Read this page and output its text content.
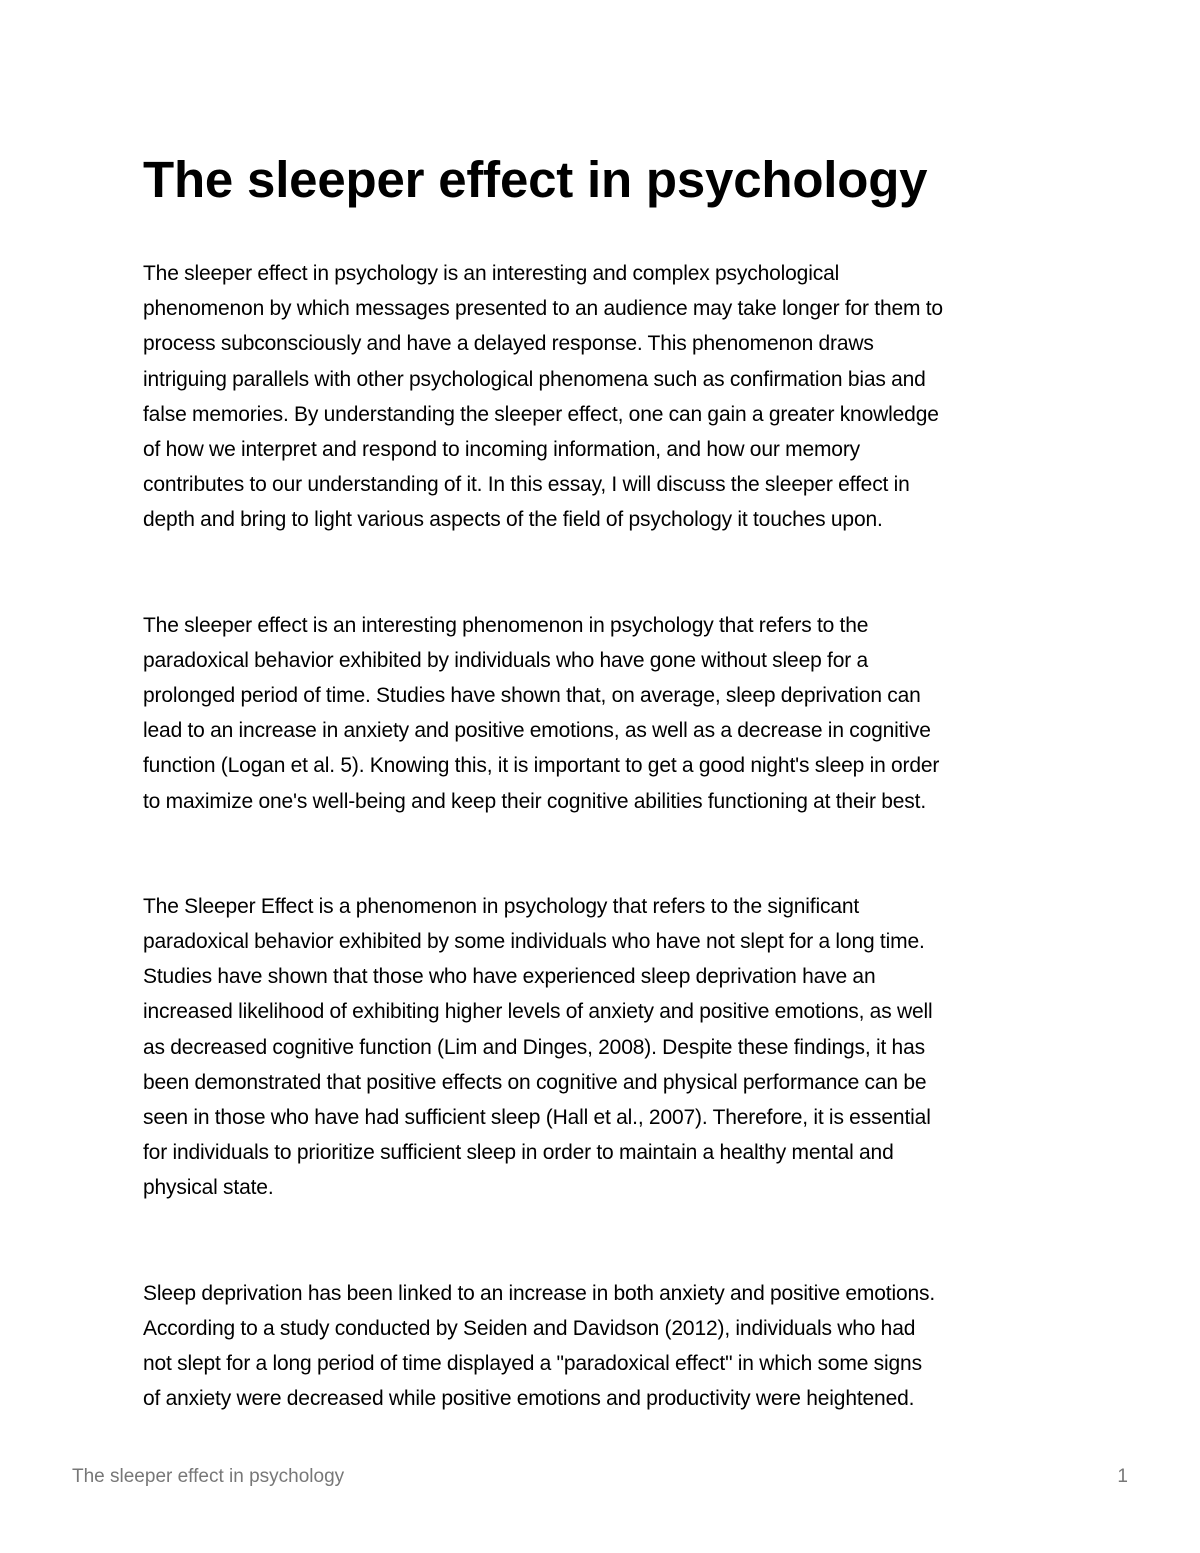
The sleeper effect in psychology

The sleeper effect in psychology is an interesting and complex psychological
phenomenon by which messages presented to an audience may take longer for them to
process subconsciously and have a delayed response. This phenomenon draws
intriguing parallels with other psychological phenomena such as confirmation bias and
false memories. By understanding the sleeper effect, one can gain a greater knowledge
of how we interpret and respond to incoming information, and how our memory
contributes to our understanding of it. In this essay, I will discuss the sleeper effect in
depth and bring to light various aspects of the field of psychology it touches upon.

The sleeper effect is an interesting phenomenon in psychology that refers to the
paradoxical behavior exhibited by individuals who have gone without sleep for a
prolonged period of time. Studies have shown that, on average, sleep deprivation can
lead to an increase in anxiety and positive emotions, as well as a decrease in cognitive
function (Logan et al. 5). Knowing this, it is important to get a good night's sleep in order
to maximize one's well-being and keep their cognitive abilities functioning at their best.

The Sleeper Effect is a phenomenon in psychology that refers to the significant
paradoxical behavior exhibited by some individuals who have not slept for a long time.
Studies have shown that those who have experienced sleep deprivation have an
increased likelihood of exhibiting higher levels of anxiety and positive emotions, as well
as decreased cognitive function (Lim and Dinges, 2008). Despite these findings, it has
been demonstrated that positive effects on cognitive and physical performance can be
seen in those who have had sufficient sleep (Hall et al., 2007). Therefore, it is essential
for individuals to prioritize sufficient sleep in order to maintain a healthy mental and
physical state.

Sleep deprivation has been linked to an increase in both anxiety and positive emotions.
According to a study conducted by Seiden and Davidson (2012), individuals who had
not slept for a long period of time displayed a "paradoxical effect" in which some signs
of anxiety were decreased while positive emotions and productivity were heightened.

The sleeper effect in psychology	1
